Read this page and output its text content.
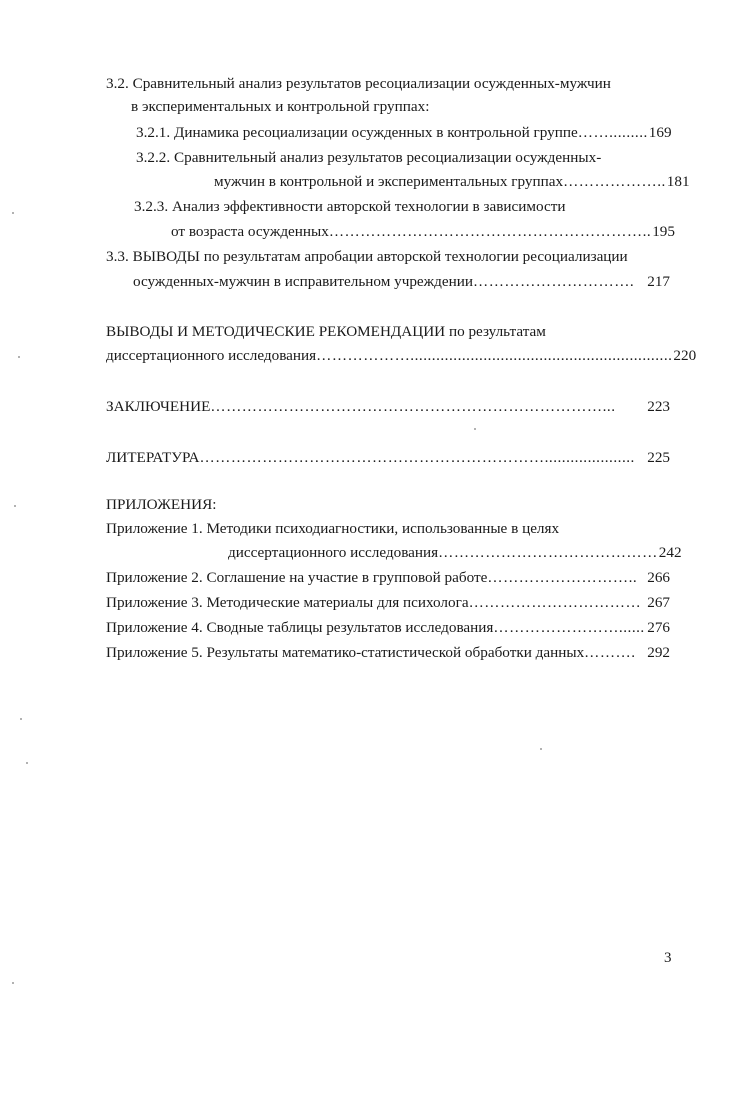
3.2. Сравнительный анализ результатов ресоциализации осужденных-мужчин
в экспериментальных и контрольной группах:
3.2.1. Динамика ресоциализации осужденных в контрольной группе ……......... 169
3.2.2. Сравнительный анализ результатов ресоциализации осужденных-
мужчин в контрольной и экспериментальных группах ……………….. 181
3.2.3. Анализ эффективности авторской технологии в зависимости
от возраста осужденных …………………………………………………….. 195
3.3. ВЫВОДЫ по результатам апробации авторской технологии ресоциализации
осужденных-мужчин в исправительном учреждении …………………………. 217
ВЫВОДЫ И МЕТОДИЧЕСКИЕ РЕКОМЕНДАЦИИ по результатам
диссертационного исследования ………………............................................................. 220
ЗАКЛЮЧЕНИЕ …………………………………………………………………...	223
ЛИТЕРАТУРА …………………………………………………………..................... 225
ПРИЛОЖЕНИЯ:
Приложение 1. Методики психодиагностики, использованные в целях
диссертационного исследования …………………………………… 242
Приложение 2. Соглашение на участие в групповой работе ……………………….. 266
Приложение 3. Методические материалы для психолога …………………………… 267
Приложение 4. Сводные таблицы результатов исследования ……………………...... 276
Приложение 5. Результаты математико-статистической обработки данных ………. 292
3
